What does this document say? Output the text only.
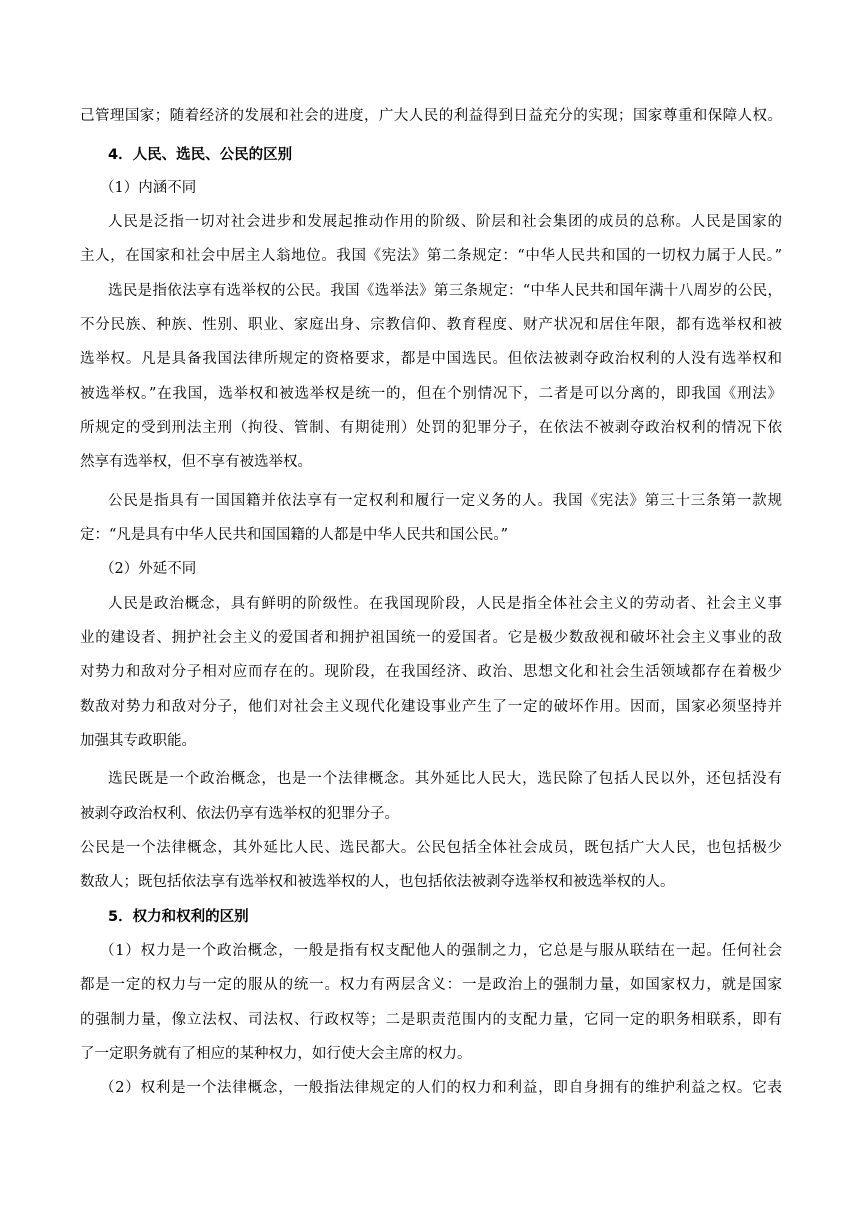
己管理国家；随着经济的发展和社会的进度，广大人民的利益得到日益充分的实现；国家尊重和保障人权。
4．人民、选民、公民的区别
（1）内涵不同
人民是泛指一切对社会进步和发展起推动作用的阶级、阶层和社会集团的成员的总称。人民是国家的
主人，在国家和社会中居主人翁地位。我国《宪法》第二条规定：“中华人民共和国的一切权力属于人民。”
选民是指依法享有选举权的公民。我国《选举法》第三条规定：“中华人民共和国年满十八周岁的公民，
不分民族、种族、性别、职业、家庭出身、宗教信仰、教育程度、财产状况和居住年限，都有选举权和被
选举权。凡是具备我国法律所规定的资格要求，都是中国选民。但依法被剥夺政治权利的人没有选举权和
被选举权。”在我国，选举权和被选举权是统一的，但在个别情况下，二者是可以分离的，即我国《刑法》
所规定的受到刑法主刑（拘役、管制、有期徒刑）处罚的犯罪分子，在依法不被剥夺政治权利的情况下依
然享有选举权，但不享有被选举权。
公民是指具有一国国籍并依法享有一定权利和履行一定义务的人。我国《宪法》第三十三条第一款规
定：“凡是具有中华人民共和国国籍的人都是中华人民共和国公民。”
（2）外延不同
人民是政治概念，具有鲜明的阶级性。在我国现阶段，人民是指全体社会主义的劳动者、社会主义事
业的建设者、拥护社会主义的爱国者和拥护祖国统一的爱国者。它是极少数敌视和破坏社会主义事业的敌
对势力和敌对分子相对应而存在的。现阶段，在我国经济、政治、思想文化和社会生活领域都存在着极少
数敌对势力和敌对分子，他们对社会主义现代化建设事业产生了一定的破坏作用。因而，国家必须坚持并
加强其专政职能。
选民既是一个政治概念，也是一个法律概念。其外延比人民大，选民除了包括人民以外，还包括没有
被剥夺政治权利、依法仍享有选举权的犯罪分子。
公民是一个法律概念，其外延比人民、选民都大。公民包括全体社会成员，既包括广大人民，也包括极少
数敌人；既包括依法享有选举权和被选举权的人，也包括依法被剥夺选举权和被选举权的人。
5．权力和权利的区别
（1）权力是一个政治概念，一般是指有权支配他人的强制之力，它总是与服从联结在一起。任何社会
都是一定的权力与一定的服从的统一。权力有两层含义：一是政治上的强制力量，如国家权力，就是国家
的强制力量，像立法权、司法权、行政权等；二是职责范围内的支配力量，它同一定的职务相联系，即有
了一定职务就有了相应的某种权力，如行使大会主席的权力。
（2）权利是一个法律概念，一般指法律规定的人们的权力和利益，即自身拥有的维护利益之权。它表
